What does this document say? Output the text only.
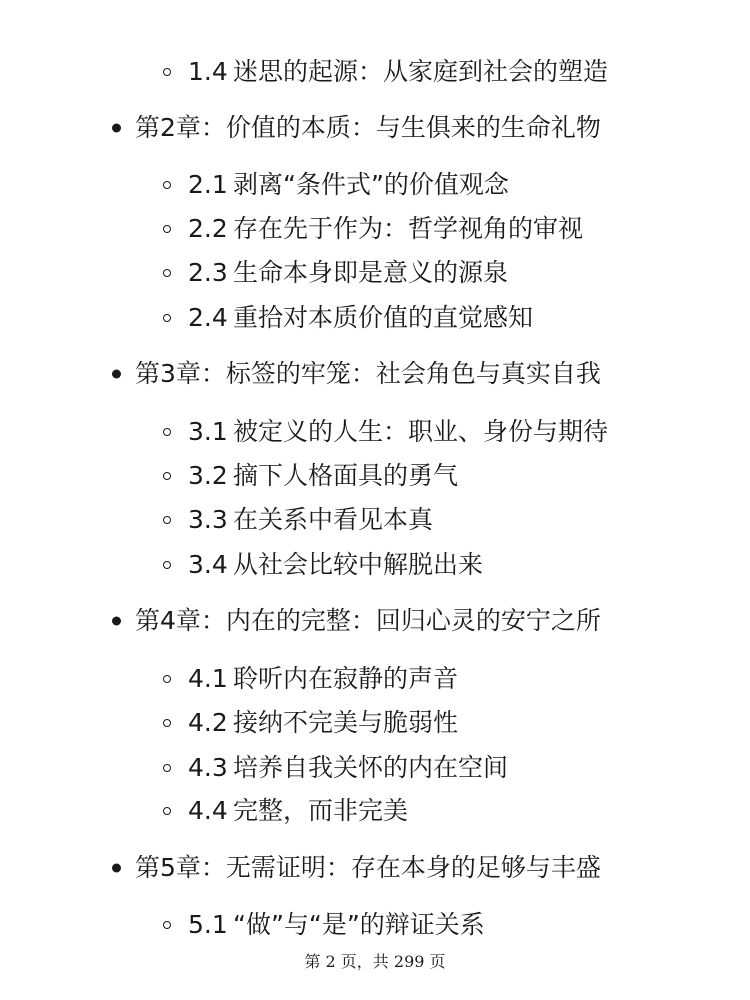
1.4 迷思的起源：从家庭到社会的塑造
第2章：价值的本质：与生俱来的生命礼物
2.1 剥离“条件式”的价值观念
2.2 存在先于作为：哲学视角的审视
2.3 生命本身即是意义的源泉
2.4 重拾对本质价值的直觉感知
第3章：标签的牢笼：社会角色与真实自我
3.1 被定义的人生：职业、身份与期待
3.2 摘下人格面具的勇气
3.3 在关系中看见本真
3.4 从社会比较中解脱出来
第4章：内在的完整：回归心灵的安宁之所
4.1 聆听内在寂静的声音
4.2 接纳不完美与脆弱性
4.3 培养自我关怀的内在空间
4.4 完整，而非完美
第5章：无需证明：存在本身的足够与丰盛
5.1 “做”与“是”的辩证关系
第 2 页，共 299 页
